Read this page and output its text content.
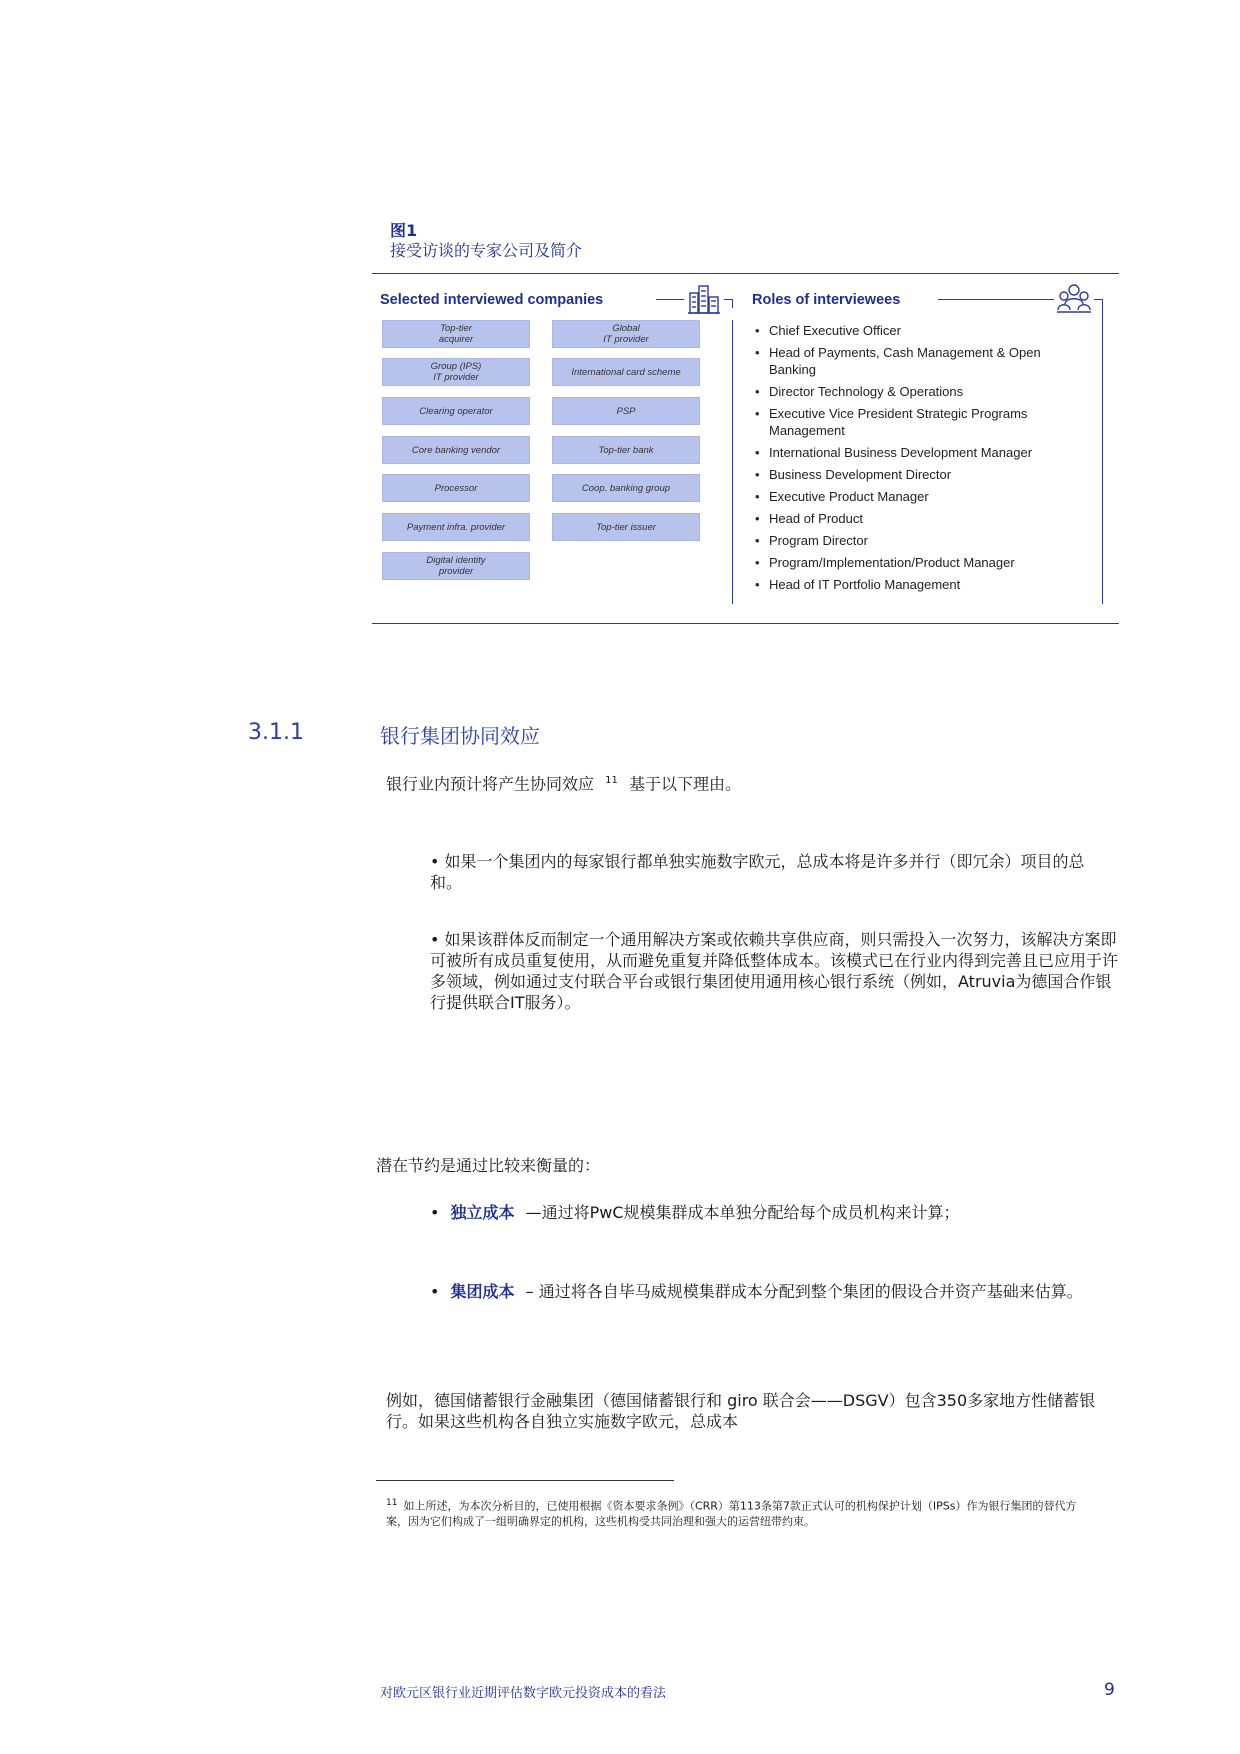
图1
接受访谈的专家公司及简介
Selected interviewed companies
Top-tier
acquirer
Group (IPS)
IT provider
Clearing operator
Core banking vendor
Processor
Payment infra. provider
Digital identity
provider
Global
IT provider
International card scheme
PSP
Top-tier bank
Coop. banking group
Top-tier issuer
Roles of interviewees
• Chief Executive Officer
• Head of Payments, Cash Management & Open Banking
• Director Technology & Operations
• Executive Vice President Strategic Programs Management
• International Business Development Manager
• Business Development Director
• Executive Product Manager
• Head of Product
• Program Director
• Program/Implementation/Product Manager
• Head of IT Portfolio Management
3.1.1	银行集团协同效应
银行业内预计将产生协同效应 $^{11}$ 基于以下理由。
• 如果一个集团内的每家银行都单独实施数字欧元，总成本将是许多并行（即冗余）项目的总和。
• 如果该群体反而制定一个通用解决方案或依赖共享供应商，则只需投入一次努力，该解决方案即可被所有成员重复使用，从而避免重复并降低整体成本。该模式已在行业内得到完善且已应用于许多领域，例如通过支付联合平台或银行集团使用通用核心银行系统（例如，Atruvia为德国合作银行提供联合IT服务）。
潜在节约是通过比较来衡量的：
• 独立成本 —通过将PwC规模集群成本单独分配给每个成员机构来计算；
• 集团成本 – 通过将各自毕马威规模集群成本分配到整个集团的假设合并资产基础来估算。
例如，德国储蓄银行金融集团（德国储蓄银行和 giro 联合会——DSGV）包含350多家地方性储蓄银行。如果这些机构各自独立实施数字欧元，总成本
$^{11}$ 如上所述，为本次分析目的，已使用根据《资本要求条例》（CRR）第113条第7款正式认可的机构保护计划（IPSs）作为银行集团的替代方案，因为它们构成了一组明确界定的机构，这些机构受共同治理和强大的运营纽带约束。
对欧元区银行业近期评估数字欧元投资成本的看法	9
